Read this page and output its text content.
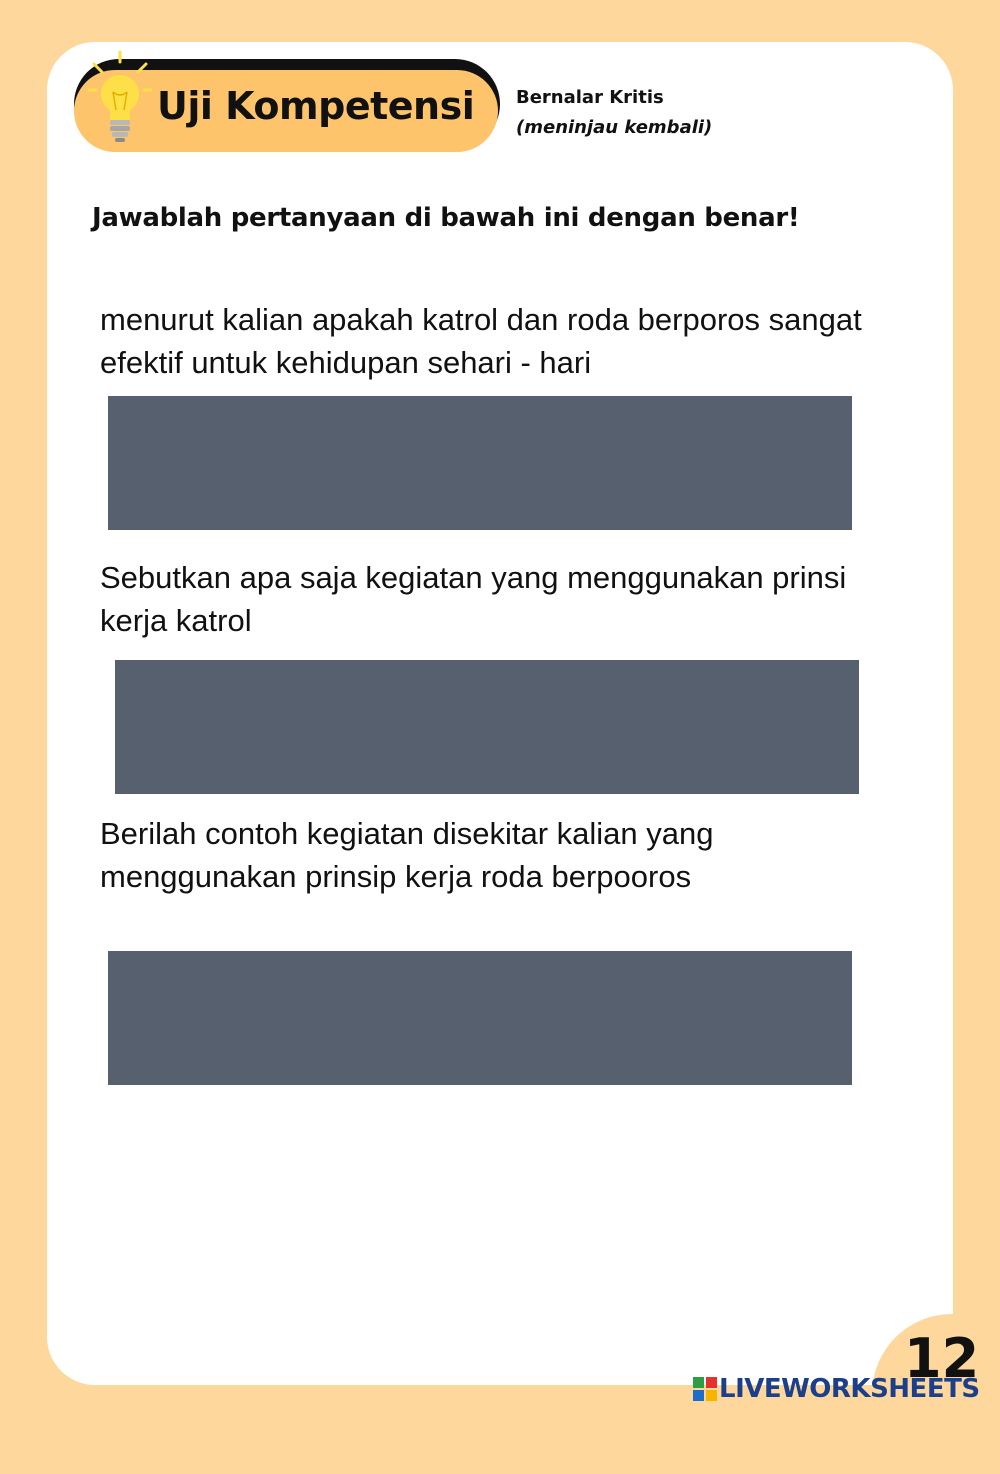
Uji Kompetensi Bernalar Kritis
(meninjau kembali)
Jawablah pertanyaan di bawah ini dengan benar!
menurut kalian apakah katrol dan roda berporos sangat efektif untuk kehidupan sehari - hari
Sebutkan apa saja kegiatan yang menggunakan prinsi kerja katrol
Berilah contoh kegiatan disekitar kalian yang menggunakan prinsip kerja roda berpooros
12
LIVEWORKSHEETS
